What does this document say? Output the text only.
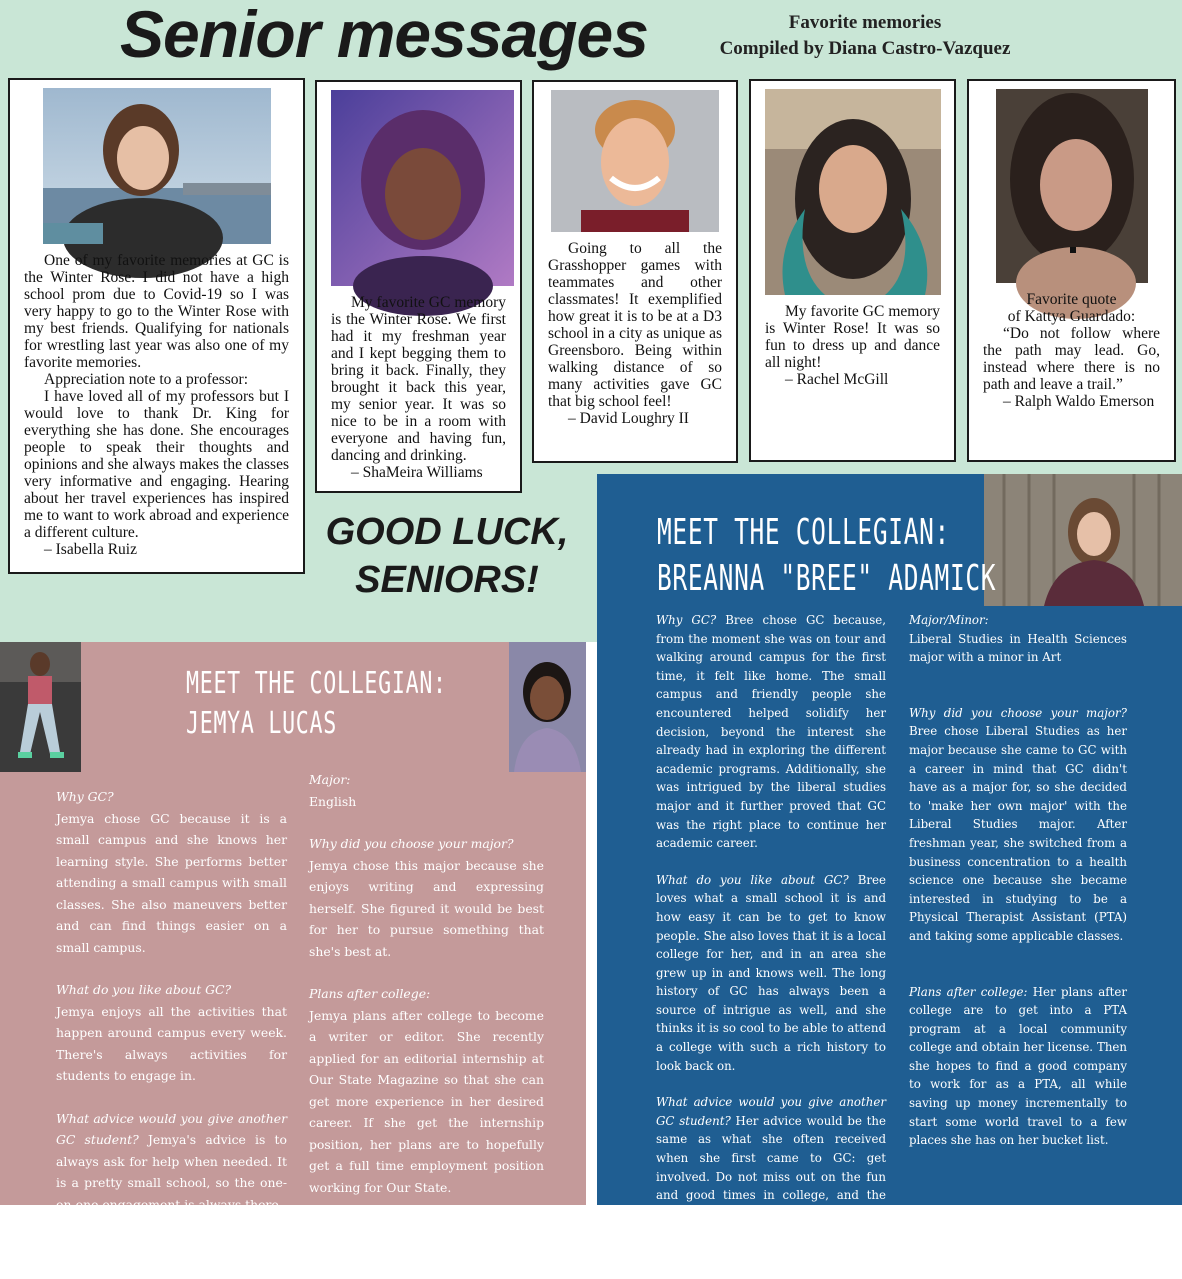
Senior messages	Favorite memories
Compiled by Diana Castro-Vazquez

One of my favorite memories at GC is the Winter Rose. I did not have a high school prom due to Covid-19 so I was very happy to go to the Winter Rose with my best friends. Qualifying for nationals for wrestling last year was also one of my favorite memories.

Appreciation note to a professor:

I have loved all of my professors but I would love to thank Dr. King for everything she has done. She encourages people to speak their thoughts and opinions and she always makes the classes very informative and engaging. Hearing about her travel experiences has inspired me to want to work abroad and experience a different culture.

– Isabella Ruiz

My favorite GC memory is the Winter Rose. We first had it my freshman year and I kept begging them to bring it back. Finally, they brought it back this year, my senior year. It was so nice to be in a room with everyone and having fun, dancing and drinking.

– ShaMeira Williams

Going to all the Grasshopper games with teammates and other classmates! It exemplified how great it is to be at a D3 school in a city as unique as Greensboro. Being within walking distance of so many activities gave GC that big school feel!

– David Loughry II

My favorite GC memory is Winter Rose! It was so fun to dress up and dance all night!

– Rachel McGill

Favorite quote

of Kattya Guardado:

“Do not follow where the path may lead. Go, instead where there is no path and leave a trail.”

– Ralph Waldo Emerson

GOOD LUCK,
SENIORS!
MEET THE COLLEGIAN:
JEMYA LUCAS
Why GC?
Jemya chose GC because it is a small campus and she knows her learning style. She performs better attending a small campus with small classes. She also maneuvers better and can find things easier on a small campus.
What do you like about GC?
Jemya enjoys all the activities that happen around campus every week. There's always activities for students to engage in.
What advice would you give another GC student? Jemya's advice is to always ask for help when needed. It is a pretty small school, so the one-on-one engagement is always there.
Major:
English
Why did you choose your major?
Jemya chose this major because she enjoys writing and expressing herself. She figured it would be best for her to pursue something that she's best at.
Plans after college:
Jemya plans after college to become a writer or editor. She recently applied for an editorial internship at Our State Magazine so that she can get more experience in her desired career. If she get the internship position, her plans are to hopefully get a full time employment position working for Our State.
MEET THE COLLEGIAN:
BREANNA "BREE" ADAMICK
Why GC? Bree chose GC because, from the moment she was on tour and walking around campus for the first time, it felt like home. The small campus and friendly people she encountered helped solidify her decision, beyond the interest she already had in exploring the different academic programs. Additionally, she was intrigued by the liberal studies major and it further proved that GC was the right place to continue her academic career.
What do you like about GC? Bree loves what a small school it is and how easy it can be to get to know people. She also loves that it is a local college for her, and in an area she grew up in and knows well. The long history of GC has always been a source of intrigue as well, and she thinks it is so cool to be able to attend a college with such a rich history to look back on.
What advice would you give another GC student? Her advice would be the same as what she often received when she first came to GC: get involved. Do not miss out on the fun and good times in college, and the uniqueness of the Greensboro College experience. Join clubs and go to events whenever you can to be with your peers and GC family.
Major/Minor:
Liberal Studies in Health Sciences major with a minor in Art
Why did you choose your major? Bree chose Liberal Studies as her major because she came to GC with a career in mind that GC didn't have as a major for, so she decided to 'make her own major' with the Liberal Studies major. After freshman year, she switched from a business concentration to a health science one because she became interested in studying to be a Physical Therapist Assistant (PTA) and taking some applicable classes.
Plans after college: Her plans after college are to get into a PTA program at a local community college and obtain her license. Then she hopes to find a good company to work for as a PTA, all while saving up money incrementally to start some world travel to a few places she has on her bucket list.
